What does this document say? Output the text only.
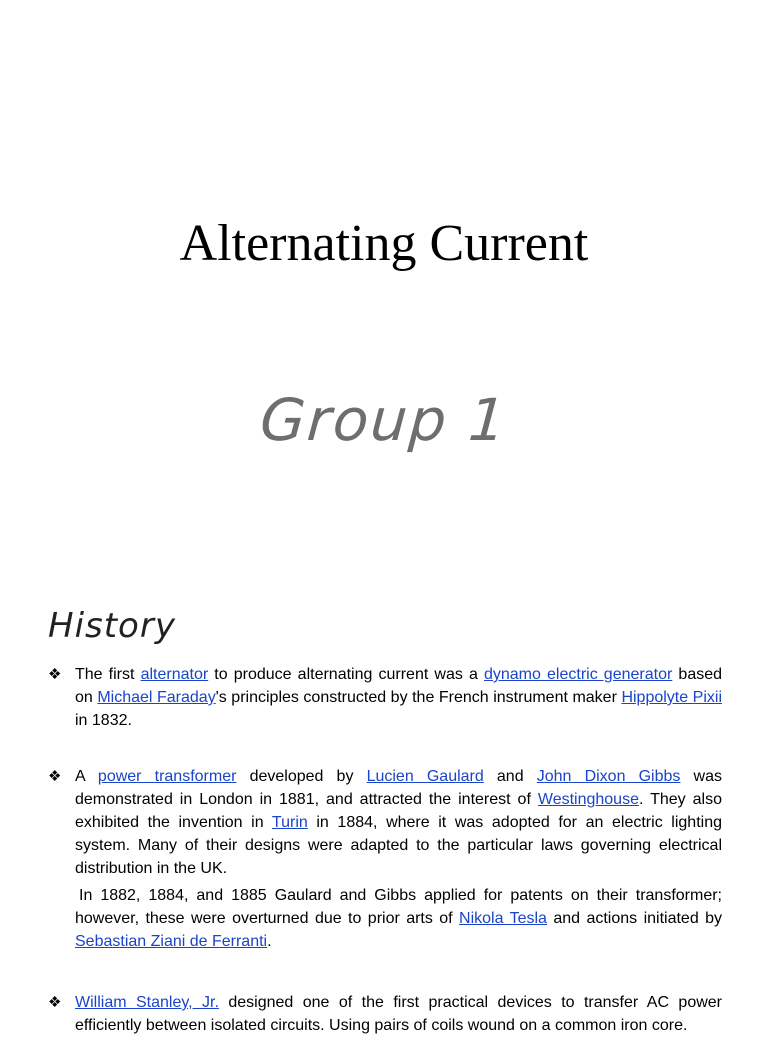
Alternating Current
Group 1
History
❖ The first alternator to produce alternating current was a dynamo electric generator based on Michael Faraday's principles constructed by the French instrument maker Hippolyte Pixii in 1832.

❖ A power transformer developed by Lucien Gaulard and John Dixon Gibbs was demonstrated in London in 1881, and attracted the interest of Westinghouse. They also exhibited the invention in Turin in 1884, where it was adopted for an electric lighting system. Many of their designs were adapted to the particular laws governing electrical distribution in the UK.

In 1882, 1884, and 1885 Gaulard and Gibbs applied for patents on their transformer; however, these were overturned due to prior arts of Nikola Tesla and actions initiated by Sebastian Ziani de Ferranti.

❖ William Stanley, Jr. designed one of the first practical devices to transfer AC power efficiently between isolated circuits. Using pairs of coils wound on a common iron core.
